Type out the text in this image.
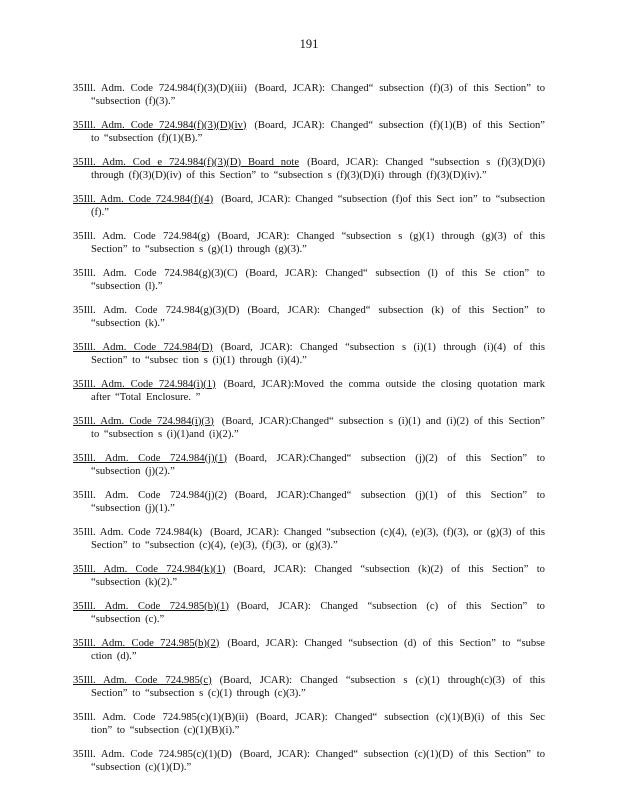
191

35Ill. Adm. Code 724.984(f)(3)(D)(iii) (Board, JCAR): Changed“ subsection (f)(3) of this Section” to “subsection (f)(3).”

35Ill. Adm. Code 724.984(f)(3)(D)(iv) (Board, JCAR): Changed“ subsection (f)(1)(B) of this Section” to “subsection (f)(1)(B).”

35Ill. Adm. Cod e 724.984(f)(3)(D) Board note (Board, JCAR): Changed “subsection s (f)(3)(D)(i) through (f)(3)(D)(iv) of this Section” to “subsection s (f)(3)(D)(i) through (f)(3)(D)(iv).”

35Ill. Adm. Code 724.984(f)(4) (Board, JCAR): Changed “subsection (f)of this Sect ion” to “subsection (f).”

35Ill. Adm. Code 724.984(g) (Board, JCAR): Changed “subsection s (g)(1) through (g)(3) of this Section” to “subsection s (g)(1) through (g)(3).”

35Ill. Adm. Code 724.984(g)(3)(C) (Board, JCAR): Changed“ subsection (l) of this Se ction” to “subsection (l).”

35Ill. Adm. Code 724.984(g)(3)(D) (Board, JCAR): Changed“ subsection (k) of this Section” to “subsection (k).”

35Ill. Adm. Code 724.984(D) (Board, JCAR): Changed “subsection s (i)(1) through (i)(4) of this Section” to “subsec tion s (i)(1) through (i)(4).”

35Ill. Adm. Code 724.984(i)(1) (Board, JCAR):Moved the comma outside the closing quotation mark after “Total Enclosure. ”

35Ill. Adm. Code 724.984(i)(3) (Board, JCAR):Changed“ subsection s (i)(1) and (i)(2) of this Section” to “subsection s (i)(1)and (i)(2).”

35Ill. Adm. Code 724.984(j)(1) (Board, JCAR):Changed“ subsection (j)(2) of this Section” to “subsection (j)(2).”

35Ill. Adm. Code 724.984(j)(2) (Board, JCAR):Changed“ subsection (j)(1) of this Section” to “subsection (j)(1).”

35Ill. Adm. Code 724.984(k) (Board, JCAR): Changed “subsection (c)(4), (e)(3), (f)(3), or (g)(3) of this Section” to “subsection (c)(4), (e)(3), (f)(3), or (g)(3).”

35Ill. Adm. Code 724.984(k)(1) (Board, JCAR): Changed “subsection (k)(2) of this Section” to “subsection (k)(2).”

35Ill. Adm. Code 724.985(b)(1) (Board, JCAR): Changed “subsection (c) of this Section” to “subsection (c).”

35Ill. Adm. Code 724.985(b)(2) (Board, JCAR): Changed “subsection (d) of this Section” to “subse ction (d).”

35Ill. Adm. Code 724.985(c) (Board, JCAR): Changed “subsection s (c)(1) through(c)(3) of this Section” to “subsection s (c)(1) through (c)(3).”

35Ill. Adm. Code 724.985(c)(1)(B)(ii) (Board, JCAR): Changed“ subsection (c)(1)(B)(i) of this Sec tion” to “subsection (c)(1)(B)(i).”

35Ill. Adm. Code 724.985(c)(1)(D) (Board, JCAR): Changed“ subsection (c)(1)(D) of this Section” to “subsection (c)(1)(D).”
